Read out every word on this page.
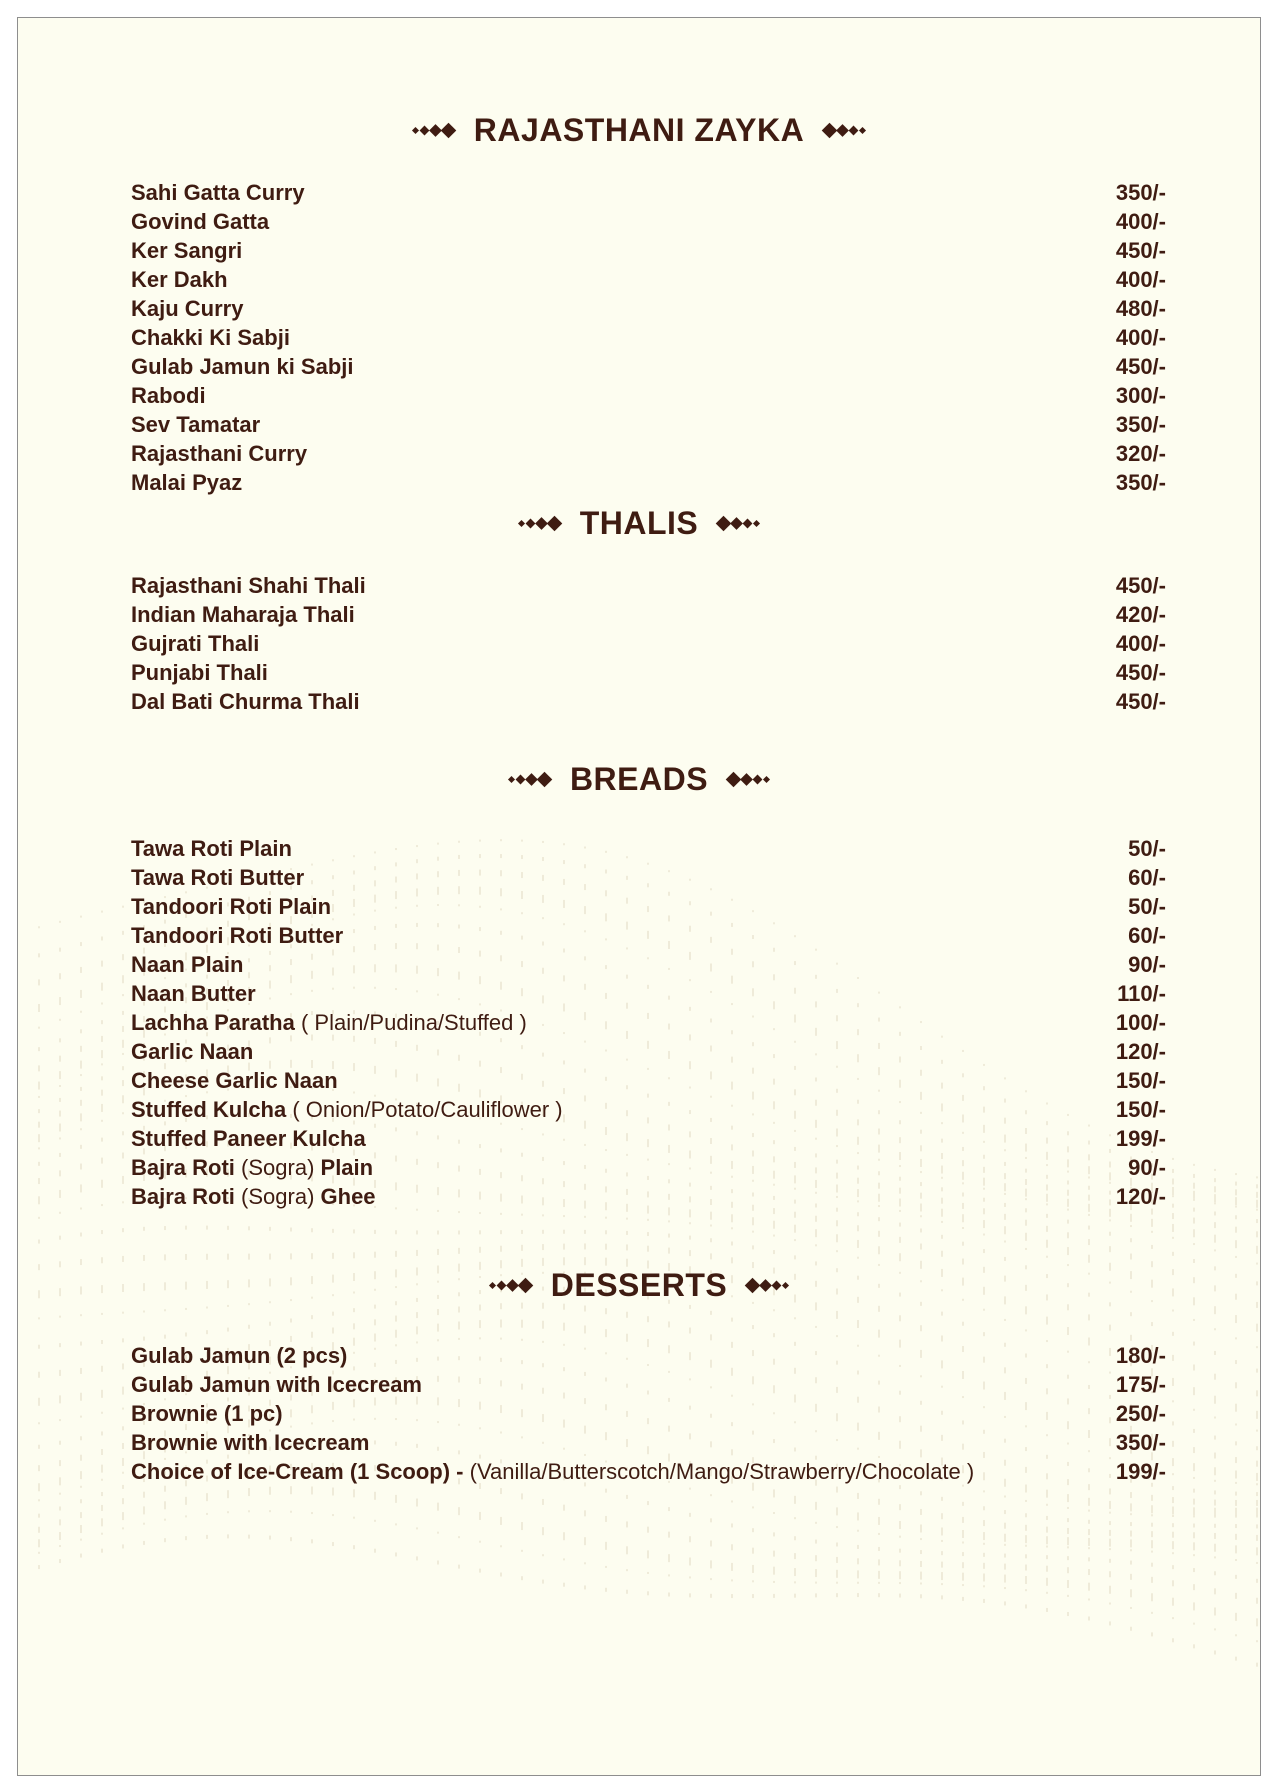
RAJASTHANI ZAYKA
Sahi Gatta Curry	350/-
Govind Gatta	400/-
Ker Sangri	450/-
Ker Dakh	400/-
Kaju Curry	480/-
Chakki Ki Sabji	400/-
Gulab Jamun ki Sabji	450/-
Rabodi	300/-
Sev Tamatar	350/-
Rajasthani Curry	320/-
Malai Pyaz	350/-
THALIS
Rajasthani Shahi Thali	450/-
Indian Maharaja Thali	420/-
Gujrati Thali	400/-
Punjabi Thali	450/-
Dal Bati Churma Thali	450/-
BREADS
Tawa Roti Plain	50/-
Tawa Roti Butter	60/-
Tandoori Roti Plain	50/-
Tandoori Roti Butter	60/-
Naan Plain	90/-
Naan Butter	110/-
Lachha Paratha ( Plain/Pudina/Stuffed )	100/-
Garlic Naan	120/-
Cheese Garlic Naan	150/-
Stuffed Kulcha ( Onion/Potato/Cauliflower )	150/-
Stuffed Paneer Kulcha	199/-
Bajra Roti (Sogra) Plain	90/-
Bajra Roti (Sogra) Ghee	120/-
DESSERTS
Gulab Jamun (2 pcs)	180/-
Gulab Jamun with Icecream	175/-
Brownie (1 pc)	250/-
Brownie with Icecream	350/-
Choice of Ice-Cream (1 Scoop) - (Vanilla/Butterscotch/Mango/Strawberry/Chocolate )	199/-
